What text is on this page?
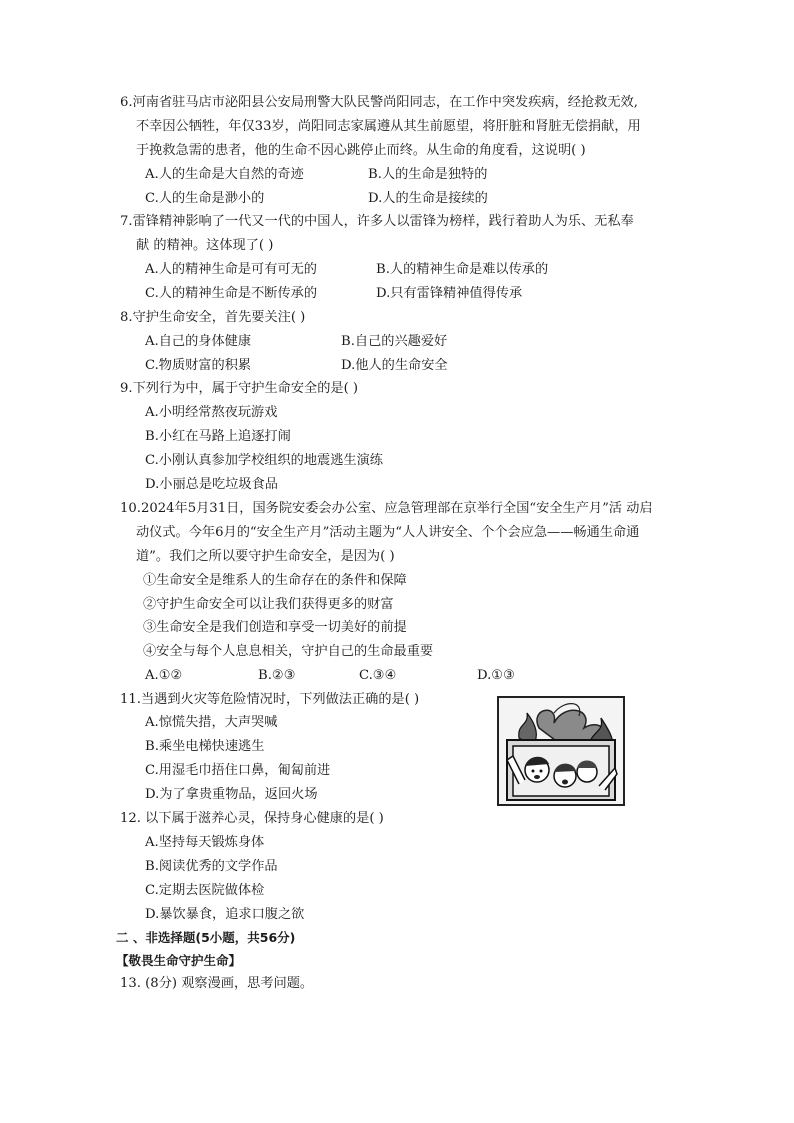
6.河南省驻马店市泌阳县公安局刑警大队民警尚阳同志，在工作中突发疾病，经抢救无效,
不幸因公牺牲，年仅33岁，尚阳同志家属遵从其生前愿望，将肝脏和肾脏无偿捐献，用
于挽救急需的患者，他的生命不因心跳停止而终。从生命的角度看，这说明( )
A.人的生命是大自然的奇迹	B.人的生命是独特的
C.人的生命是渺小的	D.人的生命是接续的
7.雷锋精神影响了一代又一代的中国人，许多人以雷锋为榜样，践行着助人为乐、无私奉
献 的精神。这体现了( )
A.人的精神生命是可有可无的	B.人的精神生命是难以传承的
C.人的精神生命是不断传承的	D.只有雷锋精神值得传承
8.守护生命安全，首先要关注( )
A.自己的身体健康	B.自己的兴趣爱好
C.物质财富的积累	D.他人的生命安全
9.下列行为中，属于守护生命安全的是( )
A.小明经常熬夜玩游戏
B.小红在马路上追逐打闹
C.小刚认真参加学校组织的地震逃生演练
D.小丽总是吃垃圾食品
10.2024年5月31日，国务院安委会办公室、应急管理部在京举行全国“安全生产月”活 动启
动仪式。今年6月的“安全生产月”活动主题为“人人讲安全、个个会应急——畅通生命通
道”。我们之所以要守护生命安全，是因为( )
①生命安全是维系人的生命存在的条件和保障
②守护生命安全可以让我们获得更多的财富
③生命安全是我们创造和享受一切美好的前提
④安全与每个人息息相关，守护自己的生命最重要
A.①②	B.②③	C.③④	D.①③
11.当遇到火灾等危险情况时，下列做法正确的是( )
A.惊慌失措，大声哭喊
B.乘坐电梯快速逃生
C.用湿毛巾捂住口鼻，匍匐前进
D.为了拿贵重物品，返回火场
12. 以下属于滋养心灵，保持身心健康的是( )
A.坚持每天锻炼身体
B.阅读优秀的文学作品
C.定期去医院做体检
D.暴饮暴食，追求口腹之欲
二 、非选择题(5小题，共56分)
【敬畏生命守护生命】
13. (8分) 观察漫画，思考问题。
